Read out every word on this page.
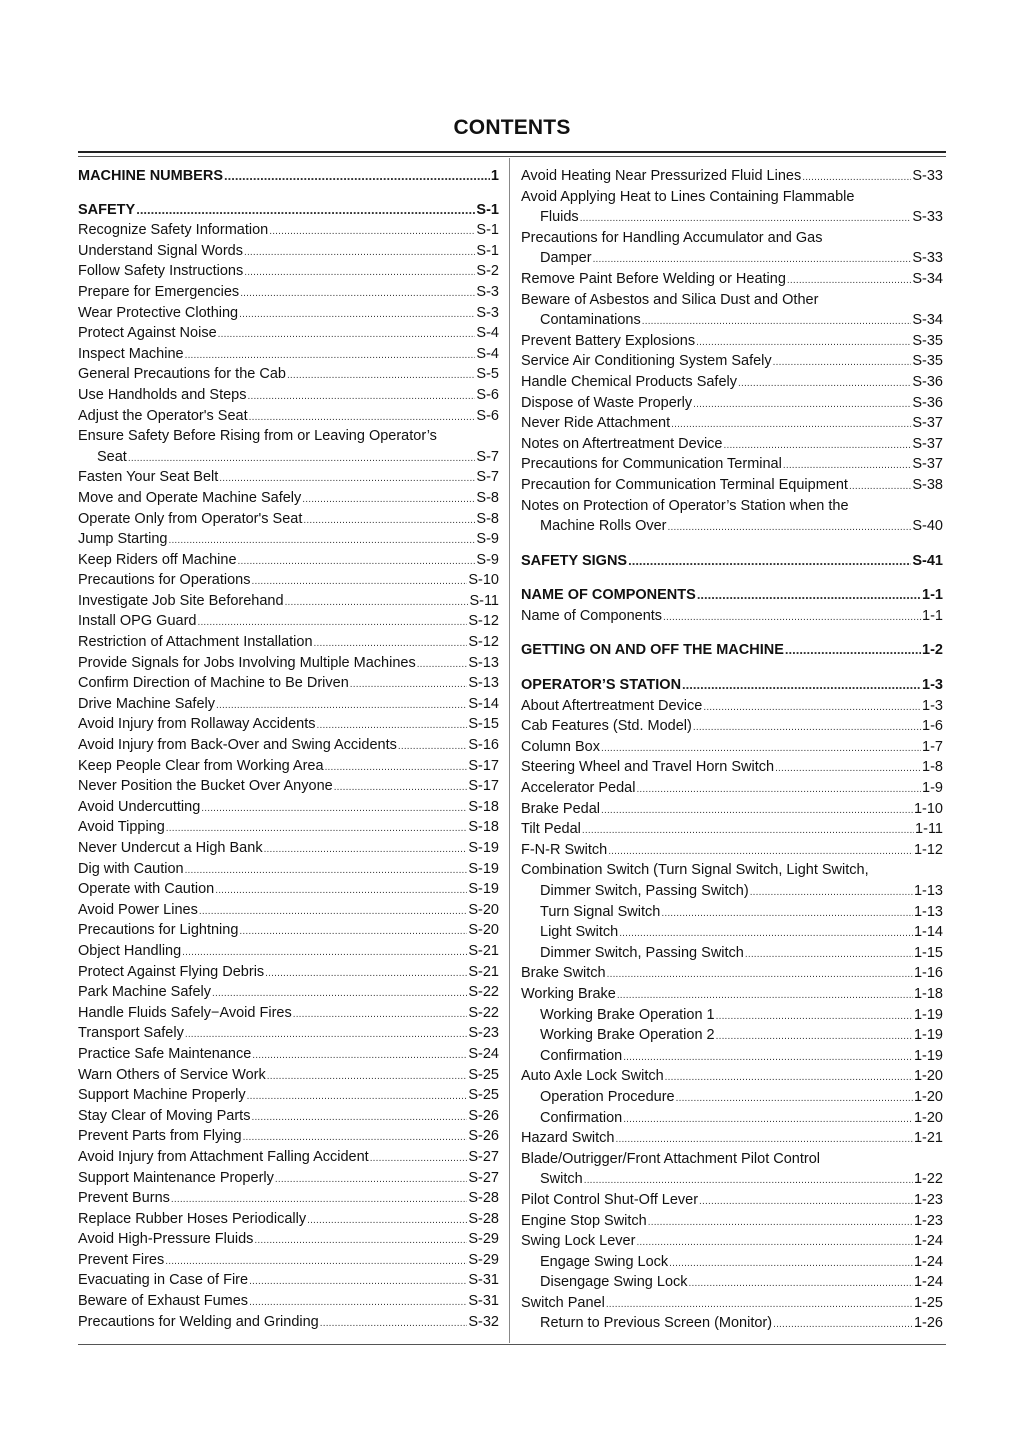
CONTENTS
MACHINE NUMBERS .....	1
SAFETY .....	S-1
Recognize Safety Information .....	S-1
Understand Signal Words .....	S-1
Follow Safety Instructions .....	S-2
Prepare for Emergencies .....	S-3
Wear Protective Clothing .....	S-3
Protect Against Noise .....	S-4
Inspect Machine .....	S-4
General Precautions for the Cab .....	S-5
Use Handholds and Steps .....	S-6
Adjust the Operator's Seat .....	S-6
Ensure Safety Before Rising from or Leaving Operator’s
Seat .....	S-7
Fasten Your Seat Belt .....	S-7
Move and Operate Machine Safely .....	S-8
Operate Only from Operator's Seat .....	S-8
Jump Starting .....	S-9
Keep Riders off Machine .....	S-9
Precautions for Operations .....	S-10
Investigate Job Site Beforehand .....	S-11
Install OPG Guard .....	S-12
Restriction of Attachment Installation .....	S-12
Provide Signals for Jobs Involving Multiple Machines .....	S-13
Confirm Direction of Machine to Be Driven .....	S-13
Drive Machine Safely .....	S-14
Avoid Injury from Rollaway Accidents .....	S-15
Avoid Injury from Back-Over and Swing Accidents .....	S-16
Keep People Clear from Working Area .....	S-17
Never Position the Bucket Over Anyone .....	S-17
Avoid Undercutting .....	S-18
Avoid Tipping .....	S-18
Never Undercut a High Bank .....	S-19
Dig with Caution .....	S-19
Operate with Caution .....	S-19
Avoid Power Lines .....	S-20
Precautions for Lightning .....	S-20
Object Handling .....	S-21
Protect Against Flying Debris .....	S-21
Park Machine Safely .....	S-22
Handle Fluids Safely−Avoid Fires .....	S-22
Transport Safely .....	S-23
Practice Safe Maintenance .....	S-24
Warn Others of Service Work .....	S-25
Support Machine Properly .....	S-25
Stay Clear of Moving Parts .....	S-26
Prevent Parts from Flying .....	S-26
Avoid Injury from Attachment Falling Accident .....	S-27
Support Maintenance Properly .....	S-27
Prevent Burns .....	S-28
Replace Rubber Hoses Periodically .....	S-28
Avoid High-Pressure Fluids .....	S-29
Prevent Fires .....	S-29
Evacuating in Case of Fire .....	S-31
Beware of Exhaust Fumes .....	S-31
Precautions for Welding and Grinding .....	S-32
Avoid Heating Near Pressurized Fluid Lines .....	S-33
Avoid Applying Heat to Lines Containing Flammable
Fluids .....	S-33
Precautions for Handling Accumulator and Gas
Damper .....	S-33
Remove Paint Before Welding or Heating .....	S-34
Beware of Asbestos and Silica Dust and Other
Contaminations .....	S-34
Prevent Battery Explosions .....	S-35
Service Air Conditioning System Safely .....	S-35
Handle Chemical Products Safely .....	S-36
Dispose of Waste Properly .....	S-36
Never Ride Attachment .....	S-37
Notes on Aftertreatment Device .....	S-37
Precautions for Communication Terminal .....	S-37
Precaution for Communication Terminal Equipment .....	S-38
Notes on Protection of Operator’s Station when the
Machine Rolls Over .....	S-40
SAFETY SIGNS .....	S-41
NAME OF COMPONENTS .....	1-1
Name of Components .....	1-1
GETTING ON AND OFF THE MACHINE .....	1-2
OPERATOR’S STATION .....	1-3
About Aftertreatment Device .....	1-3
Cab Features (Std. Model) .....	1-6
Column Box .....	1-7
Steering Wheel and Travel Horn Switch .....	1-8
Accelerator Pedal .....	1-9
Brake Pedal .....	1-10
Tilt Pedal .....	1-11
F-N-R Switch .....	1-12
Combination Switch (Turn Signal Switch, Light Switch,
Dimmer Switch, Passing Switch) .....	1-13
Turn Signal Switch .....	1-13
Light Switch .....	1-14
Dimmer Switch, Passing Switch .....	1-15
Brake Switch .....	1-16
Working Brake .....	1-18
Working Brake Operation 1 .....	1-19
Working Brake Operation 2 .....	1-19
Confirmation .....	1-19
Auto Axle Lock Switch .....	1-20
Operation Procedure .....	1-20
Confirmation .....	1-20
Hazard Switch .....	1-21
Blade/Outrigger/Front Attachment Pilot Control
Switch .....	1-22
Pilot Control Shut-Off Lever .....	1-23
Engine Stop Switch .....	1-23
Swing Lock Lever .....	1-24
Engage Swing Lock .....	1-24
Disengage Swing Lock .....	1-24
Switch Panel .....	1-25
Return to Previous Screen (Monitor) .....	1-26
